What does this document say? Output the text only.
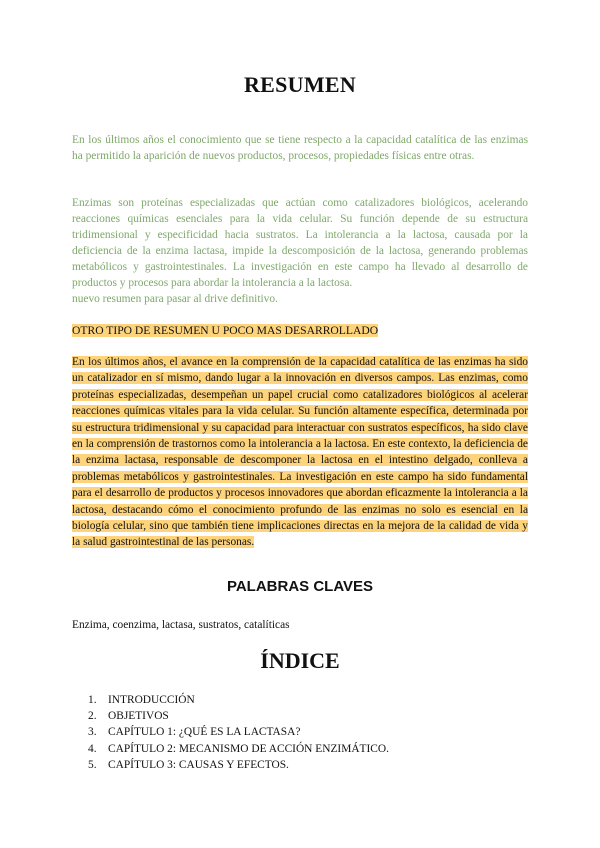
RESUMEN

En los últimos años el conocimiento que se tiene respecto a la capacidad catalítica de las enzimas ha permitido la aparición de nuevos productos, procesos, propiedades físicas entre otras.

Enzimas son proteínas especializadas que actúan como catalizadores biológicos, acelerando reacciones químicas esenciales para la vida celular. Su función depende de su estructura tridimensional y especificidad hacia sustratos. La intolerancia a la lactosa, causada por la deficiencia de la enzima lactasa, impide la descomposición de la lactosa, generando problemas metabólicos y gastrointestinales. La investigación en este campo ha llevado al desarrollo de productos y procesos para abordar la intolerancia a la lactosa.

nuevo resumen para pasar al drive definitivo.

OTRO TIPO DE RESUMEN U POCO MAS DESARROLLADO

En los últimos años, el avance en la comprensión de la capacidad catalítica de las enzimas ha sido un catalizador en sí mismo, dando lugar a la innovación en diversos campos. Las enzimas, como proteínas especializadas, desempeñan un papel crucial como catalizadores biológicos al acelerar reacciones químicas vitales para la vida celular. Su función altamente específica, determinada por su estructura tridimensional y su capacidad para interactuar con sustratos específicos, ha sido clave en la comprensión de trastornos como la intolerancia a la lactosa. En este contexto, la deficiencia de la enzima lactasa, responsable de descomponer la lactosa en el intestino delgado, conlleva a problemas metabólicos y gastrointestinales. La investigación en este campo ha sido fundamental para el desarrollo de productos y procesos innovadores que abordan eficazmente la intolerancia a la lactosa, destacando cómo el conocimiento profundo de las enzimas no solo es esencial en la biología celular, sino que también tiene implicaciones directas en la mejora de la calidad de vida y la salud gastrointestinal de las personas.

PALABRAS CLAVES

Enzima, coenzima, lactasa, sustratos, catalíticas

ÍNDICE
1.	INTRODUCCIÓN
2.	OBJETIVOS
3.	CAPÍTULO 1: ¿QUÉ ES LA LACTASA?
4.	CAPÍTULO 2: MECANISMO DE ACCIÓN ENZIMÁTICO.
5.	CAPÍTULO 3: CAUSAS Y EFECTOS.
